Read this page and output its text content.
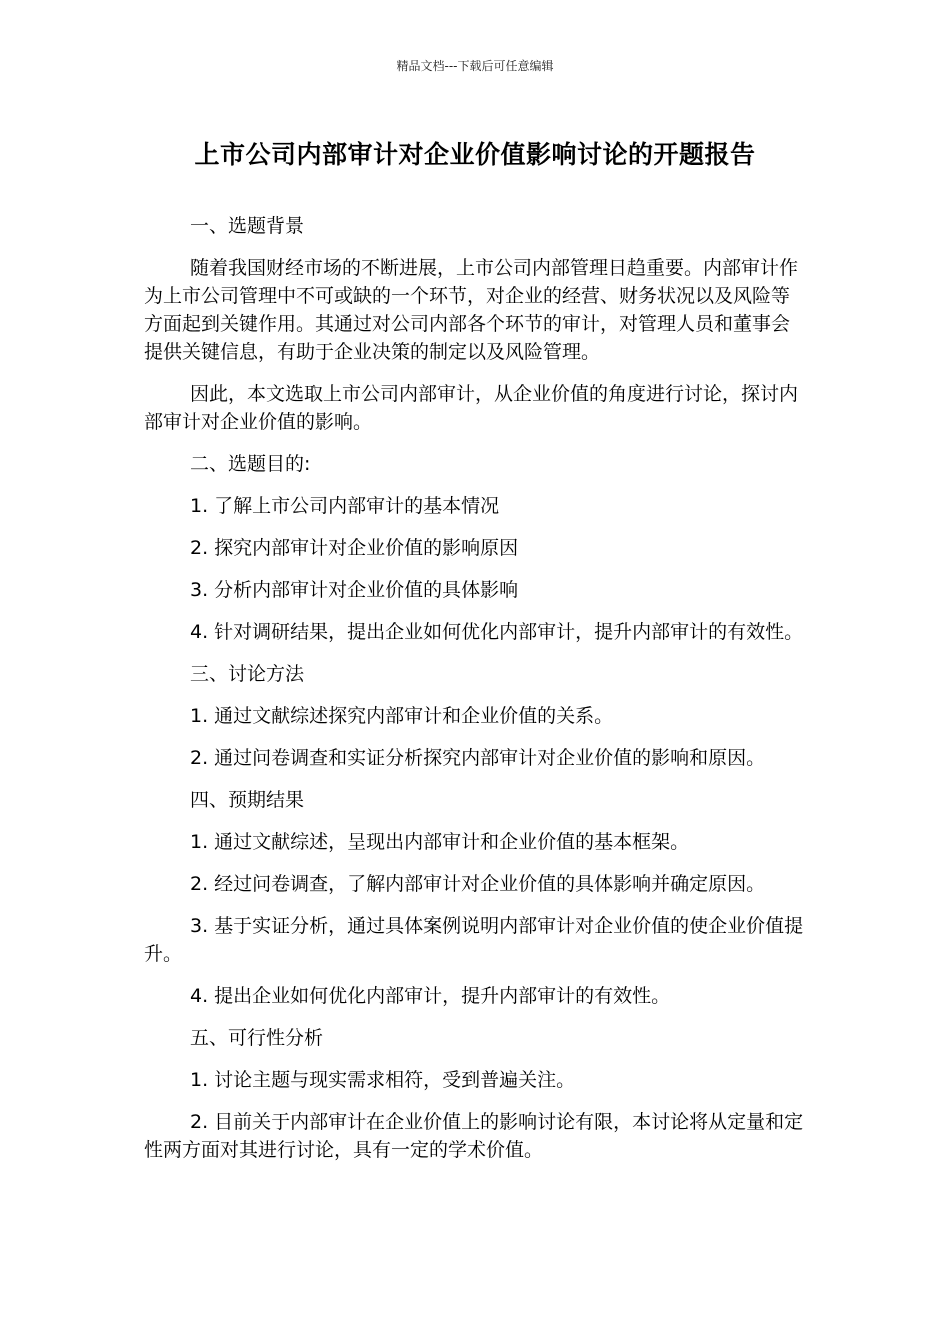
精品文档---下载后可任意编辑
上市公司内部审计对企业价值影响讨论的开题报告

一、选题背景

随着我国财经市场的不断进展，上市公司内部管理日趋重要。内部审计作为上市公司管理中不可或缺的一个环节，对企业的经营、财务状况以及风险等方面起到关键作用。其通过对公司内部各个环节的审计，对管理人员和董事会提供关键信息，有助于企业决策的制定以及风险管理。

因此，本文选取上市公司内部审计，从企业价值的角度进行讨论，探讨内部审计对企业价值的影响。

二、选题目的:

1. 了解上市公司内部审计的基本情况

2. 探究内部审计对企业价值的影响原因

3. 分析内部审计对企业价值的具体影响

4. 针对调研结果，提出企业如何优化内部审计，提升内部审计的有效性。

三、讨论方法

1. 通过文献综述探究内部审计和企业价值的关系。

2. 通过问卷调查和实证分析探究内部审计对企业价值的影响和原因。

四、预期结果

1. 通过文献综述，呈现出内部审计和企业价值的基本框架。

2. 经过问卷调查，了解内部审计对企业价值的具体影响并确定原因。

3. 基于实证分析，通过具体案例说明内部审计对企业价值的使企业价值提升。

4. 提出企业如何优化内部审计，提升内部审计的有效性。

五、可行性分析

1. 讨论主题与现实需求相符，受到普遍关注。

2. 目前关于内部审计在企业价值上的影响讨论有限，本讨论将从定量和定性两方面对其进行讨论，具有一定的学术价值。
